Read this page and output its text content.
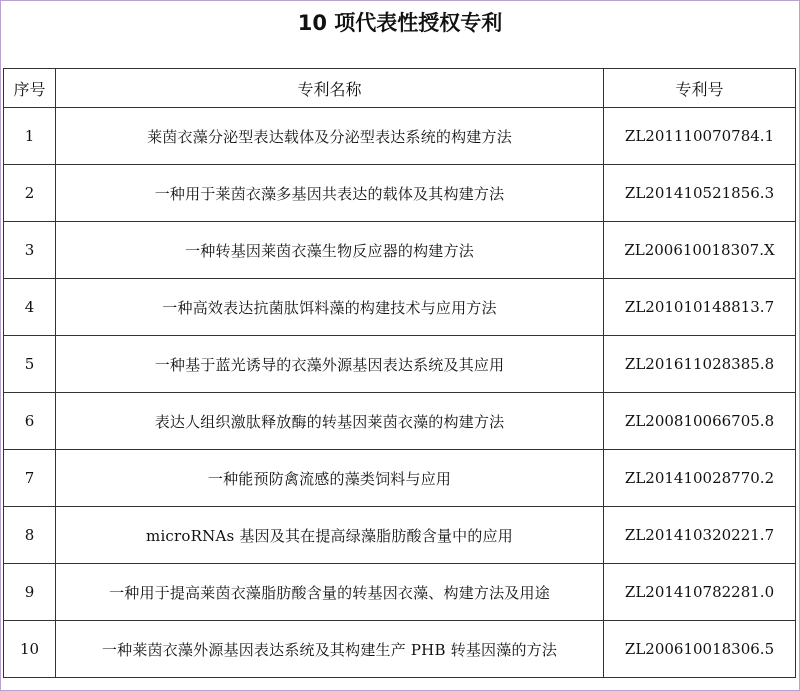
10 项代表性授权专利
序号	专利名称	专利号
1	莱茵衣藻分泌型表达载体及分泌型表达系统的构建方法	ZL201110070784.1
2	一种用于莱茵衣藻多基因共表达的载体及其构建方法	ZL201410521856.3
3	一种转基因莱茵衣藻生物反应器的构建方法	ZL200610018307.X
4	一种高效表达抗菌肽饵料藻的构建技术与应用方法	ZL201010148813.7
5	一种基于蓝光诱导的衣藻外源基因表达系统及其应用	ZL201611028385.8
6	表达人组织激肽释放酶的转基因莱茵衣藻的构建方法	ZL200810066705.8
7	一种能预防禽流感的藻类饲料与应用	ZL201410028770.2
8	microRNAs 基因及其在提高绿藻脂肪酸含量中的应用	ZL201410320221.7
9	一种用于提高莱茵衣藻脂肪酸含量的转基因衣藻、构建方法及用途	ZL201410782281.0
10	一种莱茵衣藻外源基因表达系统及其构建生产 PHB 转基因藻的方法	ZL200610018306.5
